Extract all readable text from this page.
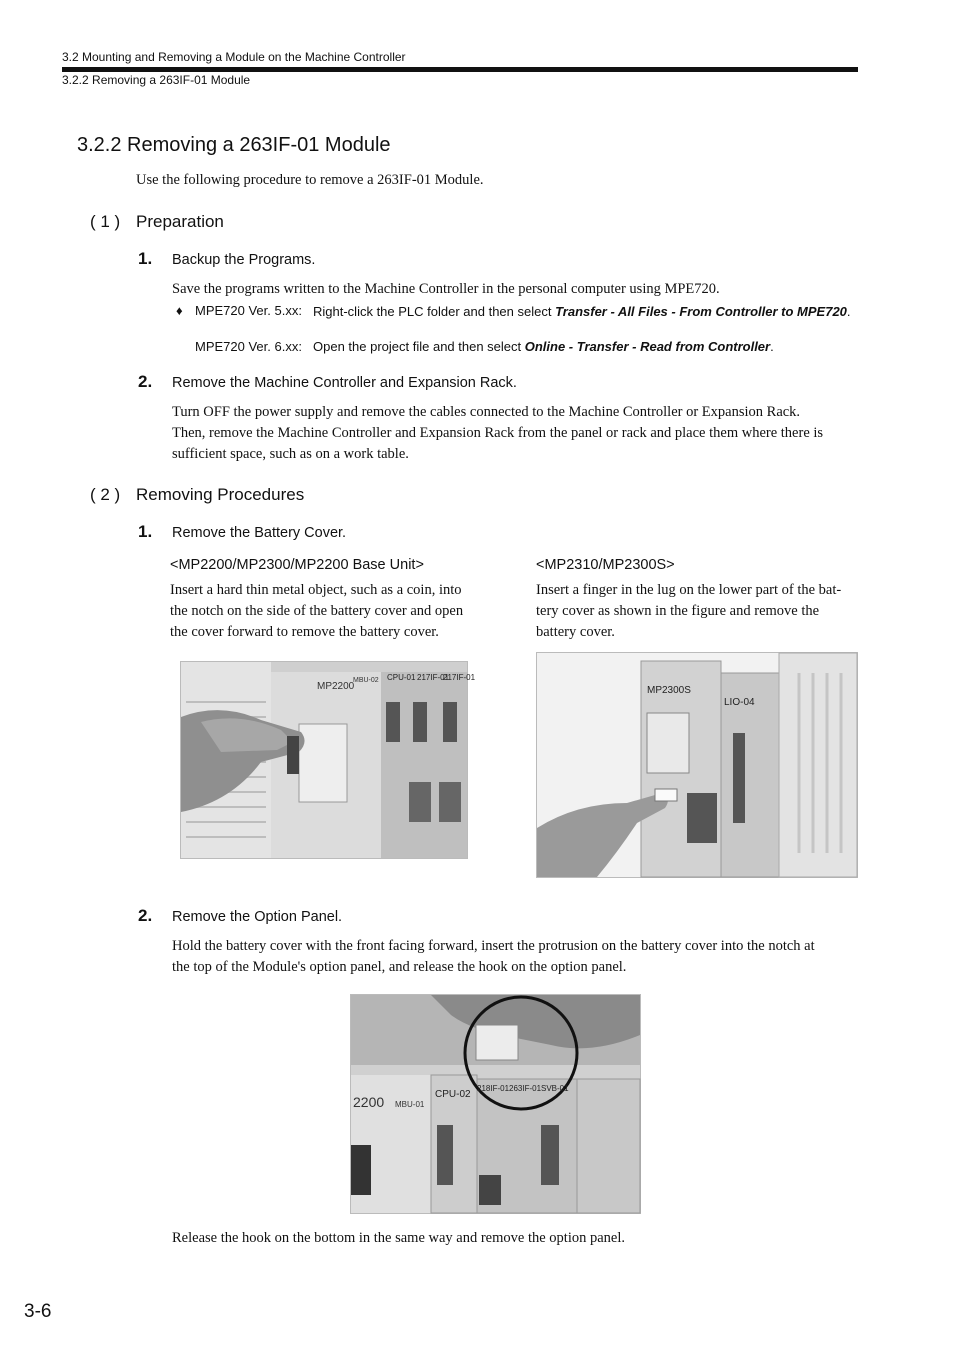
3.2 Mounting and Removing a Module on the Machine Controller
3.2.2 Removing a 263IF-01 Module
3.2.2 Removing a 263IF-01 Module
Use the following procedure to remove a 263IF-01 Module.
( 1 ) Preparation
1. Backup the Programs.
Save the programs written to the Machine Controller in the personal computer using MPE720.
♦ MPE720 Ver. 5.xx: Right-click the PLC folder and then select Transfer - All Files - From Controller to MPE720.
MPE720 Ver. 6.xx: Open the project file and then select Online - Transfer - Read from Controller.
2. Remove the Machine Controller and Expansion Rack.
Turn OFF the power supply and remove the cables connected to the Machine Controller or Expansion Rack.
Then, remove the Machine Controller and Expansion Rack from the panel or rack and place them where there is
sufficient space, such as on a work table.
( 2 ) Removing Procedures
1. Remove the Battery Cover.
<MP2200/MP2300/MP2200 Base Unit>
Insert a hard thin metal object, such as a coin, into
the notch on the side of the battery cover and open
the cover forward to remove the battery cover.
<MP2310/MP2300S>
Insert a finger in the lug on the lower part of the bat-
tery cover as shown in the figure and remove the
battery cover.
MP2200
MBU-02 CPU-01 217IF-01
217IF-01
MP2300S
LIO-04
2. Remove the Option Panel.
Hold the battery cover with the front facing forward, insert the protrusion on the battery cover into the notch at
the top of the Module's option panel, and release the hook on the option panel.
2200 MBU-01
CPU-02
218IF-01 263IF-01 SVB-01
Release the hook on the bottom in the same way and remove the option panel.
3-6
